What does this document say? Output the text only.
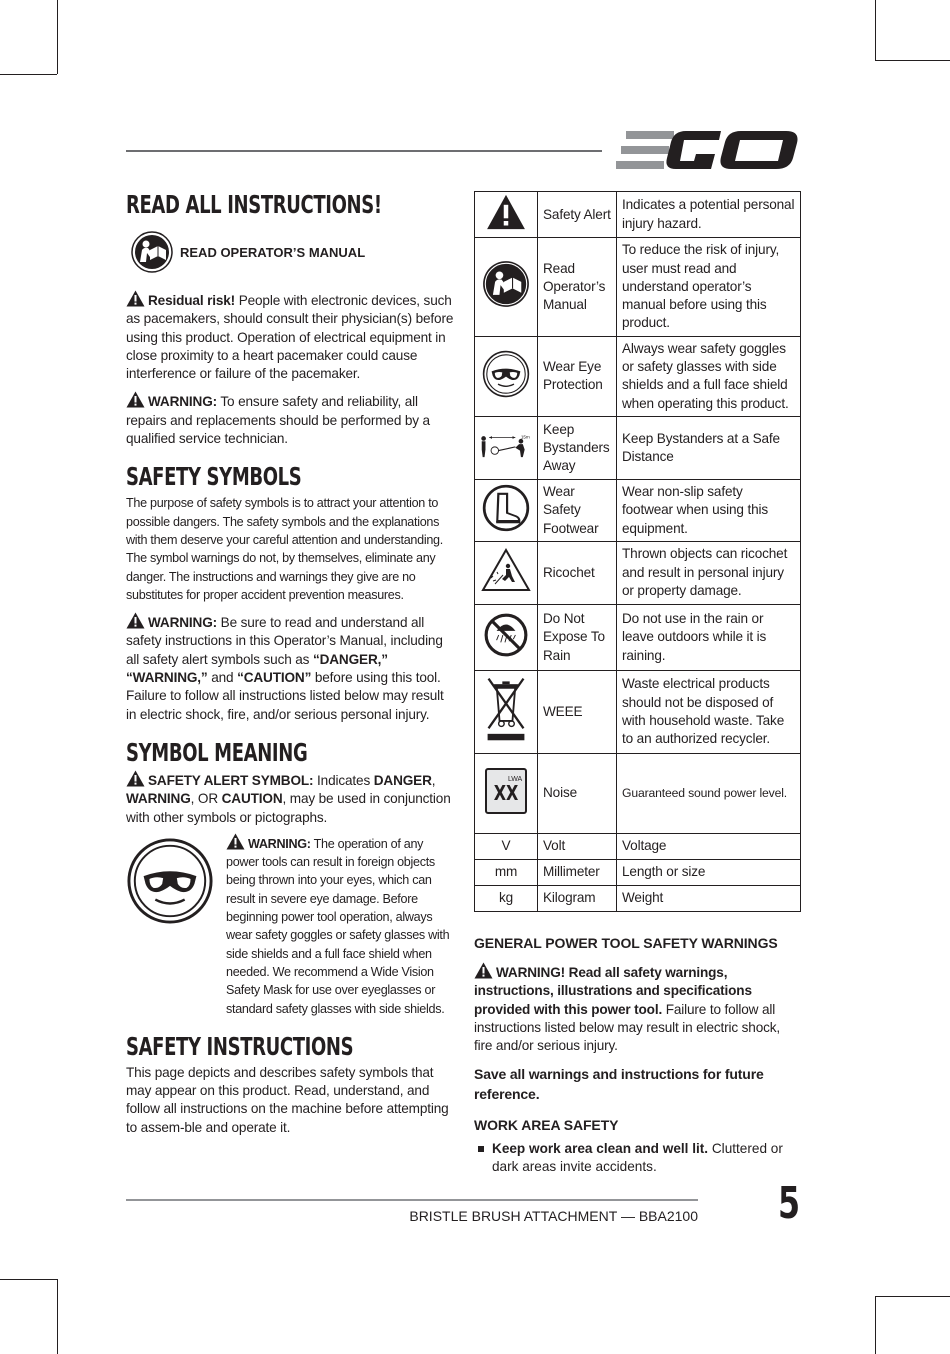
READ ALL INSTRUCTIONS!
READ OPERATOR’S MANUAL

Residual risk! People with electronic devices, such as pacemakers, should consult their physician(s) before using this product. Operation of electrical equipment in close proximity to a heart pacemaker could cause interference or failure of the pacemaker.

WARNING: To ensure safety and reliability, all repairs and replacements should be performed by a qualified service technician.

SAFETY SYMBOLS

The purpose of safety symbols is to attract your attention to possible dangers. The safety symbols and the explanations with them deserve your careful attention and understanding. The symbol warnings do not, by themselves, eliminate any danger. The instructions and warnings they give are no substitutes for proper accident prevention measures.

WARNING: Be sure to read and understand all safety instructions in this Operator’s Manual, including all safety alert symbols such as “DANGER,” “WARNING,” and “CAUTION” before using this tool. Failure to follow all instructions listed below may result in electric shock, fire, and/or serious personal injury.

SYMBOL MEANING

SAFETY ALERT SYMBOL: Indicates DANGER, WARNING, OR CAUTION, may be used in conjunction with other symbols or pictographs.

WARNING: The operation of any power tools can result in foreign objects being thrown into your eyes, which can result in severe eye damage. Before beginning power tool operation, always wear safety goggles or safety glasses with side shields and a full face shield when needed. We recommend a Wide Vision Safety Mask for use over eyeglasses or standard safety glasses with side shields.

SAFETY INSTRUCTIONS

This page depicts and describes safety symbols that may appear on this product. Read, understand, and follow all instructions on the machine before attempting to assem-ble and operate it.

	Safety Alert	Indicates a potential personal injury hazard.
	Read Operator’s Manual	To reduce the risk of injury, user must read and understand operator’s manual before using this product.
	Wear Eye Protection	Always wear safety goggles or safety glasses with side shields and a full face shield when operating this product.

15m	Keep Bystanders Away	Keep Bystanders at a Safe Distance
	Wear Safety Footwear	Wear non-slip safety footwear when using this equipment.
	Ricochet	Thrown objects can ricochet and result in personal injury or property damage.
	Do Not Expose To Rain	Do not use in the rain or leave outdoors while it is raining.
	WEEE	Waste electrical products should not be disposed of with household waste. Take to an authorized recycler.

LWA
XX	Noise	Guaranteed sound power level.
V	Volt	Voltage
mm	Millimeter	Length or size
kg	Kilogram	Weight

GENERAL POWER TOOL SAFETY WARNINGS

WARNING! Read all safety warnings, instructions, illustrations and specifications provided with this power tool. Failure to follow all instructions listed below may result in electric shock, fire and/or serious injury.

Save all warnings and instructions for future reference.

WORK AREA SAFETY

Keep work area clean and well lit. Cluttered or dark areas invite accidents.
BRISTLE BRUSH ATTACHMENT — BBA2100 5
